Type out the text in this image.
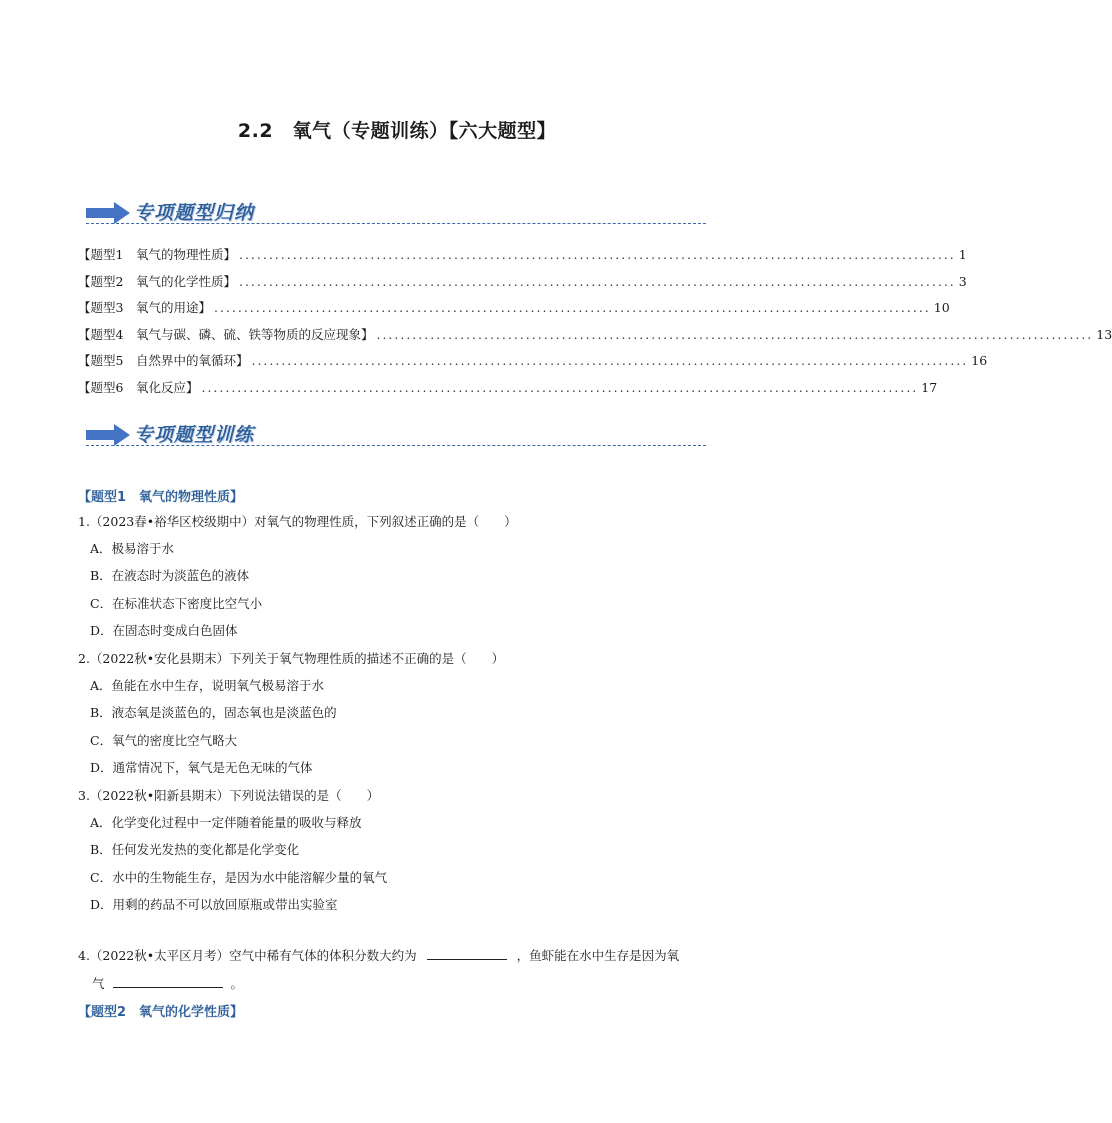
2.2　氧气（专题训练）【六大题型】
专项题型归纳
【题型1　氧气的物理性质】 ........................................................................................................................ 1
【题型2　氧气的化学性质】 ........................................................................................................................ 3
【题型3　氧气的用途】 ........................................................................................................................ 10
【题型4　氧气与碳、磷、硫、铁等物质的反应现象】 ........................................................................................................................ 13
【题型5　自然界中的氧循环】 ........................................................................................................................ 16
【题型6　氧化反应】 ........................................................................................................................ 17
专项题型训练
【题型1　氧气的物理性质】
1.（2023春•裕华区校级期中）对氧气的物理性质，下列叙述正确的是（　　）
A．极易溶于水
B．在液态时为淡蓝色的液体
C．在标准状态下密度比空气小
D．在固态时变成白色固体
2.（2022秋•安化县期末）下列关于氧气物理性质的描述不正确的是（　　）
A．鱼能在水中生存，说明氧气极易溶于水
B．液态氧是淡蓝色的，固态氧也是淡蓝色的
C．氧气的密度比空气略大
D．通常情况下，氧气是无色无味的气体
3.（2022秋•阳新县期末）下列说法错误的是（　　）
A．化学变化过程中一定伴随着能量的吸收与释放
B．任何发光发热的变化都是化学变化
C．水中的生物能生存，是因为水中能溶解少量的氧气
D．用剩的药品不可以放回原瓶或带出实验室
4.（2022秋•太平区月考）空气中稀有气体的体积分数大约为	，鱼虾能在水中生存是因为氧
气	。
【题型2　氧气的化学性质】
